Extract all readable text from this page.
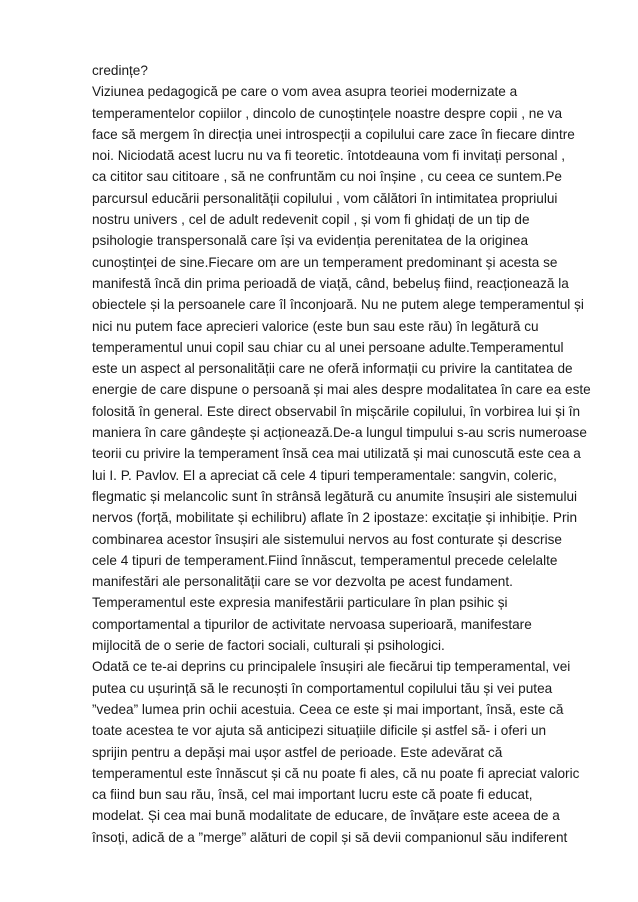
credințe?
Viziunea pedagogică pe care o vom avea asupra teoriei modernizate a
temperamentelor copiilor , dincolo de cunoștințele noastre despre copii , ne va
face să mergem în direcția unei introspecții a copilului care zace în fiecare dintre
noi. Niciodată acest lucru nu va fi teoretic. întotdeauna vom fi invitați personal ,
ca cititor sau cititoare , să ne confruntăm cu noi înșine , cu ceea ce suntem.Pe
parcursul educării personalității copilului , vom călători în intimitatea propriului
nostru univers , cel de adult redevenit copil , și vom fi ghidați de un tip de
psihologie transpersonală care își va evidenția perenitatea de la originea
cunoștinței de sine.Fiecare om are un temperament predominant și acesta se
manifestă încă din prima perioadă de viață, când, bebeluș fiind, reacționează la
obiectele și la persoanele care îl înconjoară. Nu ne putem alege temperamentul și
nici nu putem face aprecieri valorice (este bun sau este rău) în legătură cu
temperamentul unui copil sau chiar cu al unei persoane adulte.Temperamentul
este un aspect al personalității care ne oferă informații cu privire la cantitatea de
energie de care dispune o persoană și mai ales despre modalitatea în care ea este
folosită în general. Este direct observabil în mișcările copilului, în vorbirea lui și în
maniera în care gândește și acționează.De-a lungul timpului s-au scris numeroase
teorii cu privire la temperament însă cea mai utilizată și mai cunoscută este cea a
lui I. P. Pavlov. El a apreciat că cele 4 tipuri temperamentale: sangvin, coleric,
flegmatic și melancolic sunt în strânsă legătură cu anumite însușiri ale sistemului
nervos (forță, mobilitate și echilibru) aflate în 2 ipostaze: excitație și inhibiție. Prin
combinarea acestor însușiri ale sistemului nervos au fost conturate și descrise
cele 4 tipuri de temperament.Fiind înnăscut, temperamentul precede celelalte
manifestări ale personalității care se vor dezvolta pe acest fundament.
Temperamentul este expresia manifestării particulare în plan psihic și
comportamental a tipurilor de activitate nervoasa superioară, manifestare
mijlocită de o serie de factori sociali, culturali și psihologici.
Odată ce te-ai deprins cu principalele însușiri ale fiecărui tip temperamental, vei
putea cu ușurință să le recunoști în comportamentul copilului tău și vei putea
”vedea” lumea prin ochii acestuia. Ceea ce este și mai important, însă, este că
toate acestea te vor ajuta să anticipezi situațiile dificile și astfel să- i oferi un
sprijin pentru a depăși mai ușor astfel de perioade. Este adevărat că
temperamentul este înnăscut și că nu poate fi ales, că nu poate fi apreciat valoric
ca fiind bun sau rău, însă, cel mai important lucru este că poate fi educat,
modelat. Și cea mai bună modalitate de educare, de învățare este aceea de a
însoți, adică de a ”merge” alături de copil și să devii companionul său indiferent
